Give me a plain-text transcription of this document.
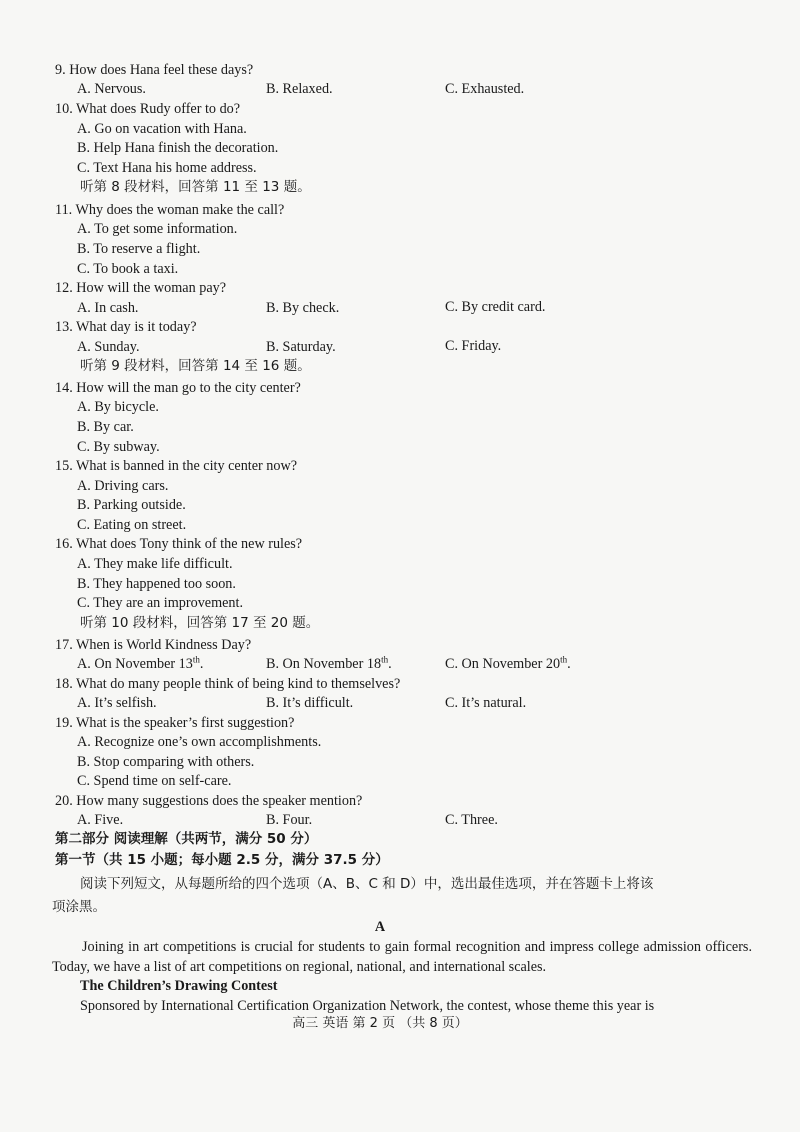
9. How does Hana feel these days?
A. Nervous.	B. Relaxed.	C. Exhausted.
10. What does Rudy offer to do?
A. Go on vacation with Hana.
B. Help Hana finish the decoration.
C. Text Hana his home address.
听第 8 段材料，回答第 11 至 13 题。
11. Why does the woman make the call?
A. To get some information.
B. To reserve a flight.
C. To book a taxi.
12. How will the woman pay?
A. In cash.	B. By check.	C. By credit card.
13. What day is it today?
A. Sunday.	B. Saturday.	C. Friday.
听第 9 段材料，回答第 14 至 16 题。
14. How will the man go to the city center?
A. By bicycle.
B. By car.
C. By subway.
15. What is banned in the city center now?
A. Driving cars.
B. Parking outside.
C. Eating on street.
16. What does Tony think of the new rules?
A. They make life difficult.
B. They happened too soon.
C. They are an improvement.
听第 10 段材料，回答第 17 至 20 题。
17. When is World Kindness Day?
A. On November 13th.	B. On November 18th.	C. On November 20th.
18. What do many people think of being kind to themselves?
A. It’s selfish.	B. It’s difficult.	C. It’s natural.
19. What is the speaker’s first suggestion?
A. Recognize one’s own accomplishments.
B. Stop comparing with others.
C. Spend time on self-care.
20. How many suggestions does the speaker mention?
A. Five.	B. Four.	C. Three.
第二部分 阅读理解（共两节，满分 50 分）
第一节（共 15 小题；每小题 2.5 分，满分 37.5 分）
阅读下列短文，从每题所给的四个选项（A、B、C 和 D）中，选出最佳选项，并在答题卡上将该
项涂黑。
A
Joining in art competitions is crucial for students to gain formal recognition and impress college admission officers. Today, we have a list of art competitions on regional, national, and international scales.
The Children’s Drawing Contest
Sponsored by International Certification Organization Network, the contest, whose theme this year is
高三 英语 第 2 页 （共 8 页）
